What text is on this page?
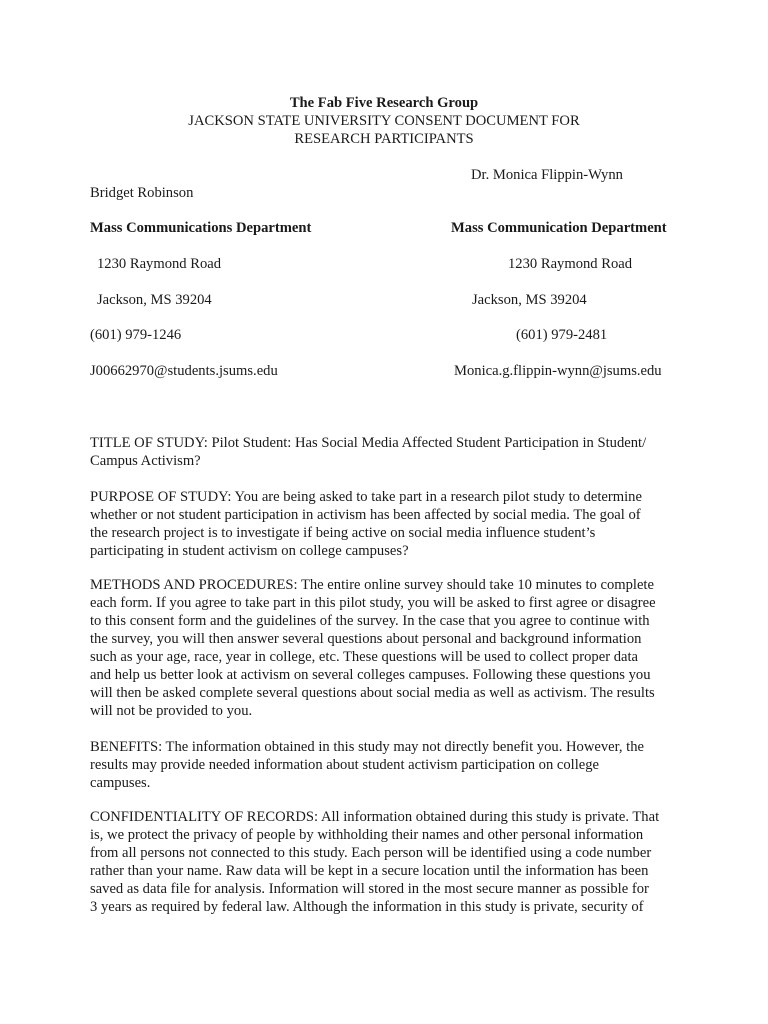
The Fab Five Research Group
JACKSON STATE UNIVERSITY CONSENT DOCUMENT FOR
RESEARCH PARTICIPANTS
Dr. Monica Flippin-Wynn
Mass Communication Department
1230 Raymond Road
Jackson, MS 39204
(601) 979-2481
Monica.g.flippin-wynn@jsums.edu
Bridget Robinson
Mass Communications Department
1230 Raymond Road
Jackson, MS 39204
(601) 979-1246
J00662970@students.jsums.edu
TITLE OF STUDY: Pilot Student: Has Social Media Affected Student Participation in Student/
Campus Activism?
PURPOSE OF STUDY: You are being asked to take part in a research pilot study to determine
whether or not student participation in activism has been affected by social media. The goal of
the research project is to investigate if being active on social media influence student’s
participating in student activism on college campuses?
METHODS AND PROCEDURES: The entire online survey should take 10 minutes to complete
each form. If you agree to take part in this pilot study, you will be asked to first agree or disagree
to this consent form and the guidelines of the survey. In the case that you agree to continue with
the survey, you will then answer several questions about personal and background information
such as your age, race, year in college, etc. These questions will be used to collect proper data
and help us better look at activism on several colleges campuses. Following these questions you
will then be asked complete several questions about social media as well as activism. The results
will not be provided to you.
BENEFITS: The information obtained in this study may not directly benefit you. However, the
results may provide needed information about student activism participation on college
campuses.
CONFIDENTIALITY OF RECORDS: All information obtained during this study is private. That
is, we protect the privacy of people by withholding their names and other personal information
from all persons not connected to this study. Each person will be identified using a code number
rather than your name. Raw data will be kept in a secure location until the information has been
saved as data file for analysis. Information will stored in the most secure manner as possible for
3 years as required by federal law. Although the information in this study is private, security of
